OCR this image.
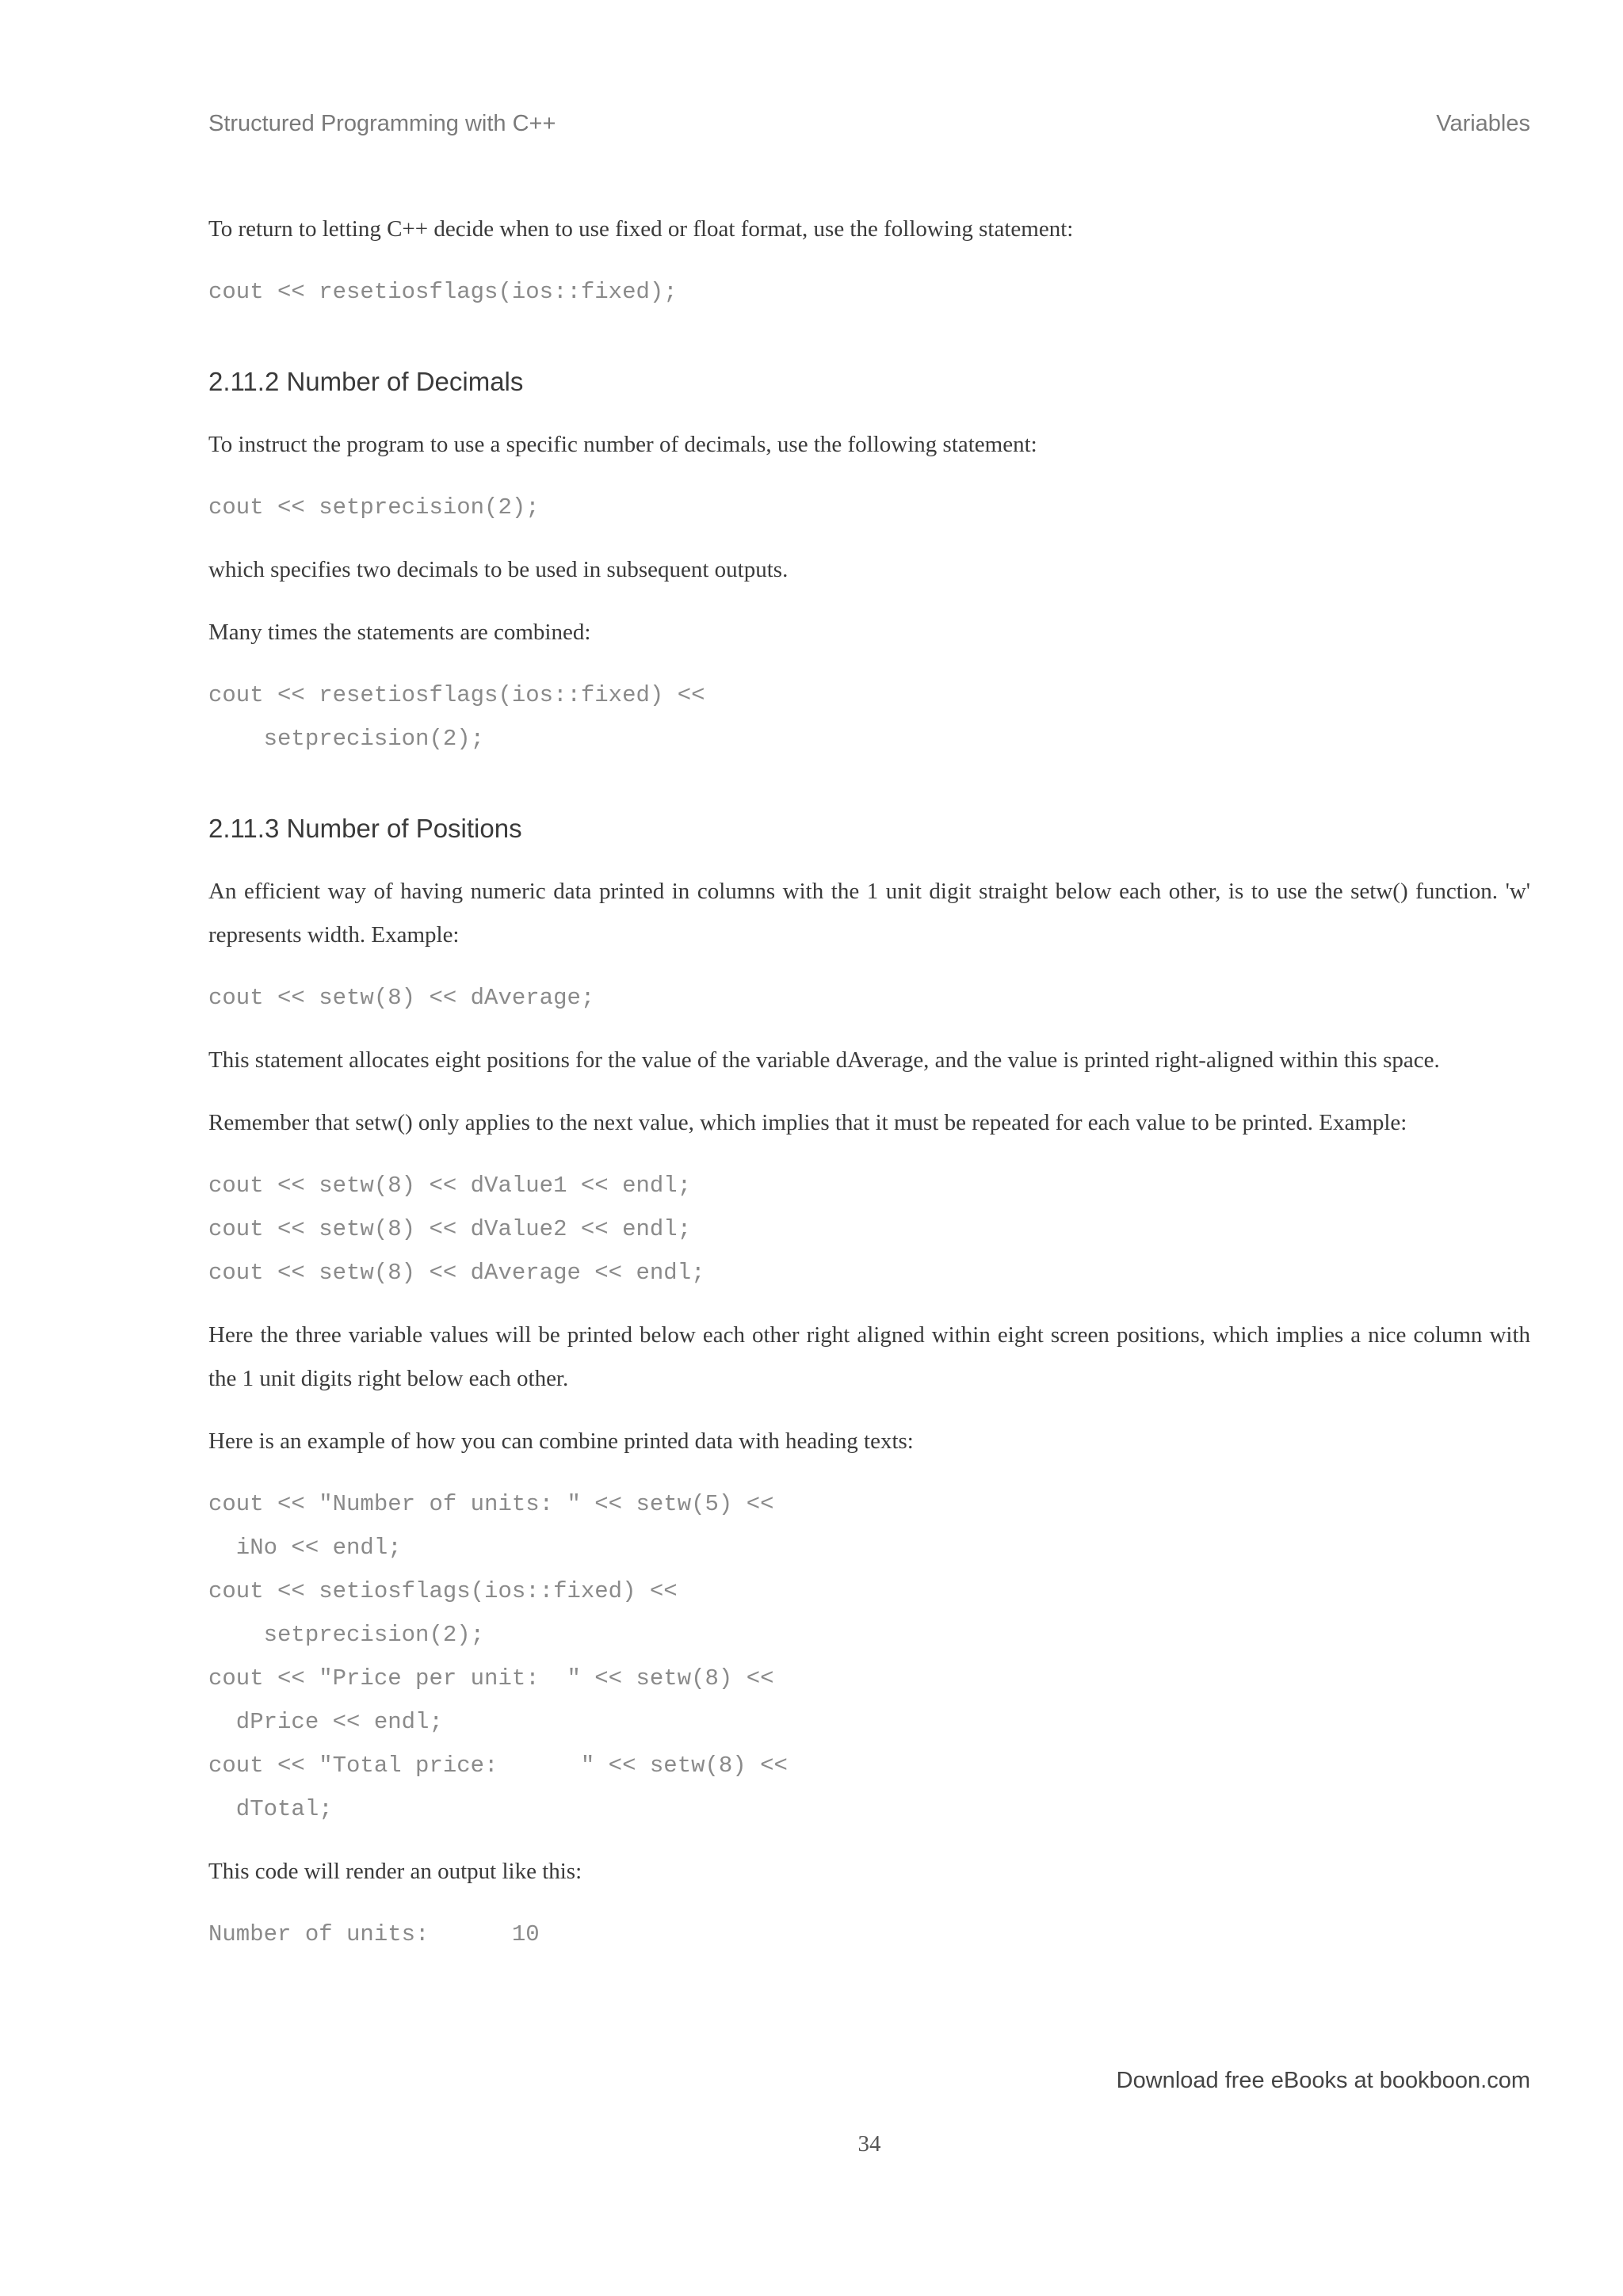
Structured Programming with C++	Variables

To return to letting C++ decide when to use fixed or float format, use the following statement:

cout << resetiosflags(ios::fixed);
2.11.2 Number of Decimals

To instruct the program to use a specific number of decimals, use the following statement:

cout << setprecision(2);

which specifies two decimals to be used in subsequent outputs.

Many times the statements are combined:

cout << resetiosflags(ios::fixed) <<
setprecision(2);
2.11.3 Number of Positions

An efficient way of having numeric data printed in columns with the 1 unit digit straight below each other, is to use the setw() function. 'w' represents width. Example:

cout << setw(8) << dAverage;

This statement allocates eight positions for the value of the variable dAverage, and the value is printed right-aligned within this space.

Remember that setw() only applies to the next value, which implies that it must be repeated for each value to be printed. Example:

cout << setw(8) << dValue1 << endl;
cout << setw(8) << dValue2 << endl;
cout << setw(8) << dAverage << endl;

Here the three variable values will be printed below each other right aligned within eight screen positions, which implies a nice column with the 1 unit digits right below each other.

Here is an example of how you can combine printed data with heading texts:

cout << "Number of units: " << setw(5) <<
iNo << endl;
cout << setiosflags(ios::fixed) <<
setprecision(2);
cout << "Price per unit:  " << setw(8) <<
dPrice << endl;
cout << "Total price:      " << setw(8) <<
dTotal;

This code will render an output like this:

Number of units:      10
Download free eBooks at bookboon.com
34
